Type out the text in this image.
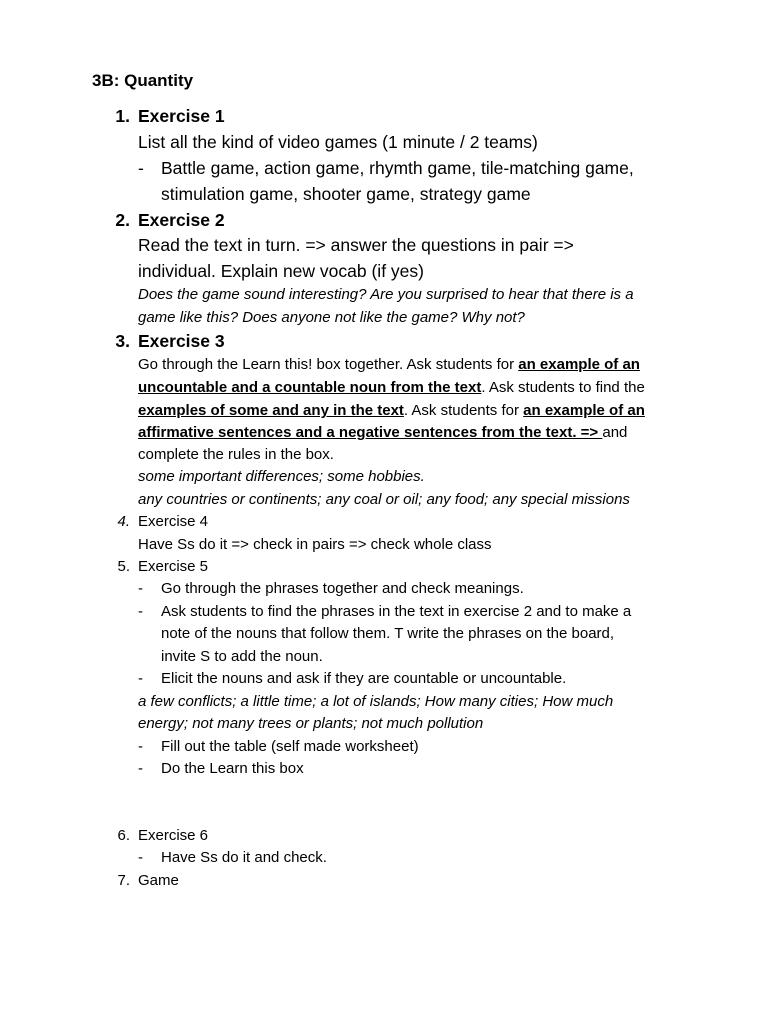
3B: Quantity
1. Exercise 1
List all the kind of video games (1 minute / 2 teams)
- Battle game, action game, rhymth game, tile-matching game,
stimulation game, shooter game, strategy game
2. Exercise 2
Read the text in turn. => answer the questions in pair =>
individual. Explain new vocab (if yes)
Does the game sound interesting? Are you surprised to hear that there is a
game like this? Does anyone not like the game? Why not?
3. Exercise 3
Go through the Learn this! box together. Ask students for an example of an
uncountable and a countable noun from the text. Ask students to find the
examples of some and any in the text. Ask students for an example of an
affirmative sentences and a negative sentences from the text. => and
complete the rules in the box.
some important differences; some hobbies.
any countries or continents; any coal or oil; any food; any special missions
4. Exercise 4
Have Ss do it => check in pairs => check whole class
5. Exercise 5
- Go through the phrases together and check meanings.
- Ask students to find the phrases in the text in exercise 2 and to make a
note of the nouns that follow them. T write the phrases on the board,
invite S to add the noun.
- Elicit the nouns and ask if they are countable or uncountable.
a few conflicts; a little time; a lot of islands; How many cities; How much
energy; not many trees or plants; not much pollution
- Fill out the table (self made worksheet)
- Do the Learn this box
6. Exercise 6
- Have Ss do it and check.
7. Game
